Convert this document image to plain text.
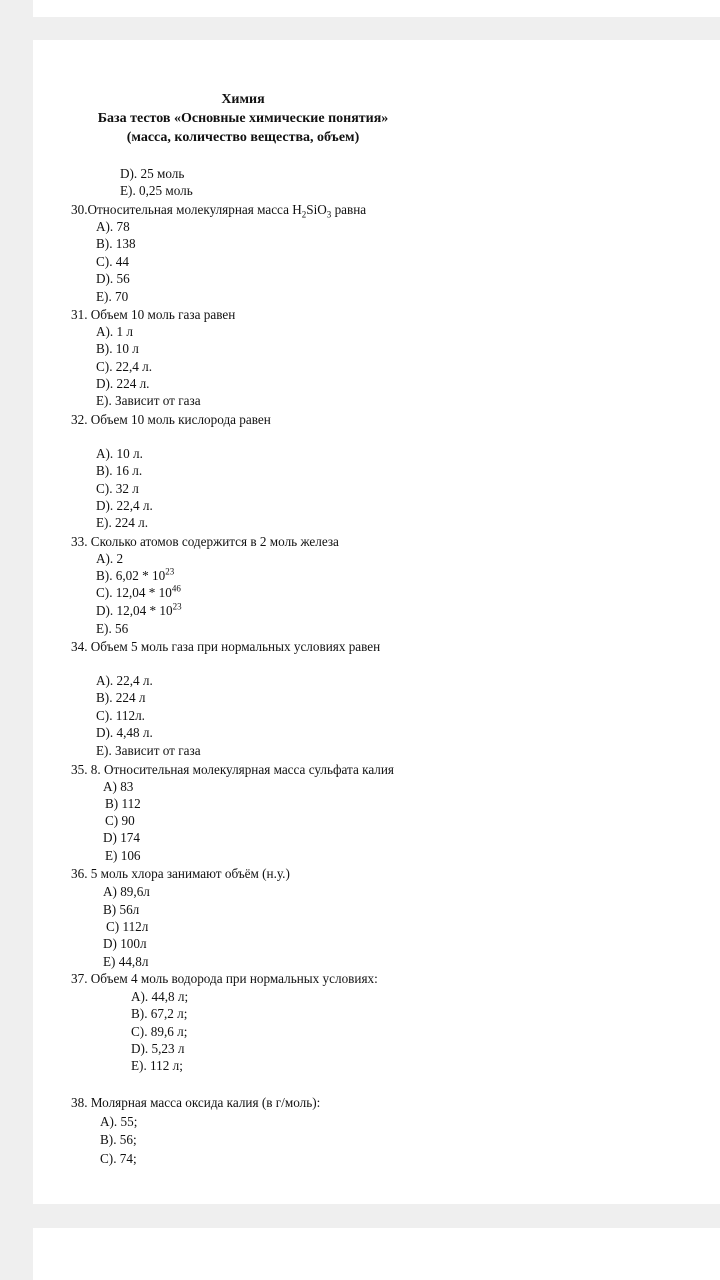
Химия
База тестов «Основные химические понятия»
(масса, количество вещества, объем)
D). 25 моль
E). 0,25 моль
30.Относительная молекулярная масса $H_2SiO_3$ равна
A). 78
B). 138
C). 44
D). 56
E). 70
31. Объем 10 моль газа равен
A). 1 л
B). 10 л
C). 22,4 л.
D). 224 л.
E). Зависит от газа
32. Объем 10 моль кислорода равен
A). 10 л.
B). 16 л.
C). 32 л
D). 22,4 л.
E). 224 л.
33. Сколько атомов содержится в 2 моль железа
A). 2
B). $6,02 * 10^{23}$
C). $12,04 * 10^{46}$
D). $12,04 * 10^{23}$
E). 56
34. Объем 5 моль газа при нормальных условиях равен
A). 22,4 л.
B). 224 л
C). 112л.
D). 4,48 л.
E). Зависит от газа
35. 8. Относительная молекулярная масса сульфата калия
A) 83
B) 112
C) 90
D) 174
E) 106
36. 5 моль хлора занимают объём (н.у.)
A) 89,6л
B) 56л
C) 112л
D) 100л
E) 44,8л
37. Объем 4 моль водорода при нормальных условиях:
A). 44,8 л;
B). 67,2 л;
C). 89,6 л;
D). 5,23 л
E). 112 л;
38. Молярная масса оксида калия (в г/моль):
A). 55;
B). 56;
C). 74;
